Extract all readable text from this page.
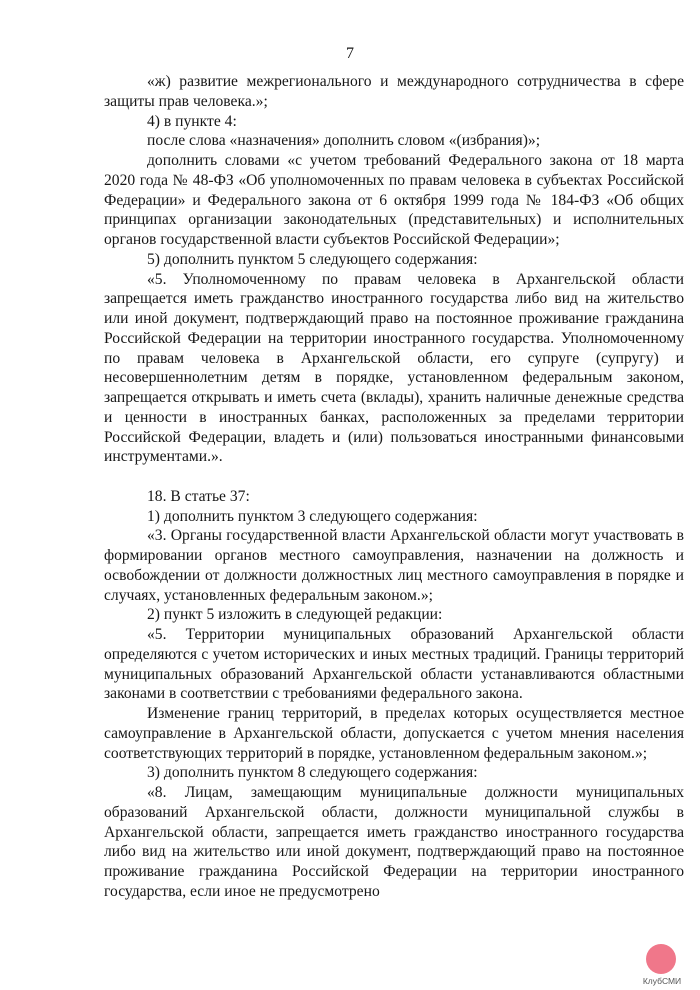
7

«ж) развитие межрегионального и международного сотрудничества в сфере защиты прав человека.»;

4) в пункте 4:

после слова «назначения» дополнить словом «(избрания)»;

дополнить словами «с учетом требований Федерального закона от 18 марта 2020 года № 48-ФЗ «Об уполномоченных по правам человека в субъектах Российской Федерации» и Федерального закона от 6 октября 1999 года № 184-ФЗ «Об общих принципах организации законодательных (представительных) и исполнительных органов государственной власти субъектов Российской Федерации»;

5) дополнить пунктом 5 следующего содержания:

«5. Уполномоченному по правам человека в Архангельской области запрещается иметь гражданство иностранного государства либо вид на жительство или иной документ, подтверждающий право на постоянное проживание гражданина Российской Федерации на территории иностранного государства. Уполномоченному по правам человека в Архангельской области, его супруге (супругу) и несовершеннолетним детям в порядке, установленном федеральным законом, запрещается открывать и иметь счета (вклады), хранить наличные денежные средства и ценности в иностранных банках, расположенных за пределами территории Российской Федерации, владеть и (или) пользоваться иностранными финансовыми инструментами.».

18. В статье 37:

1) дополнить пунктом 3 следующего содержания:

«3. Органы государственной власти Архангельской области могут участвовать в формировании органов местного самоуправления, назначении на должность и освобождении от должности должностных лиц местного самоуправления в порядке и случаях, установленных федеральным законом.»;

2) пункт 5 изложить в следующей редакции:

«5. Территории муниципальных образований Архангельской области определяются с учетом исторических и иных местных традиций. Границы территорий муниципальных образований Архангельской области устанавливаются областными законами в соответствии с требованиями федерального закона.

Изменение границ территорий, в пределах которых осуществляется местное самоуправление в Архангельской области, допускается с учетом мнения населения соответствующих территорий в порядке, установленном федеральным законом.»;

3) дополнить пунктом 8 следующего содержания:

«8. Лицам, замещающим муниципальные должности муниципальных образований Архангельской области, должности муниципальной службы в Архангельской области, запрещается иметь гражданство иностранного государства либо вид на жительство или иной документ, подтверждающий право на постоянное проживание гражданина Российской Федерации на территории иностранного государства, если иное не предусмотрено

КлубСМИ
